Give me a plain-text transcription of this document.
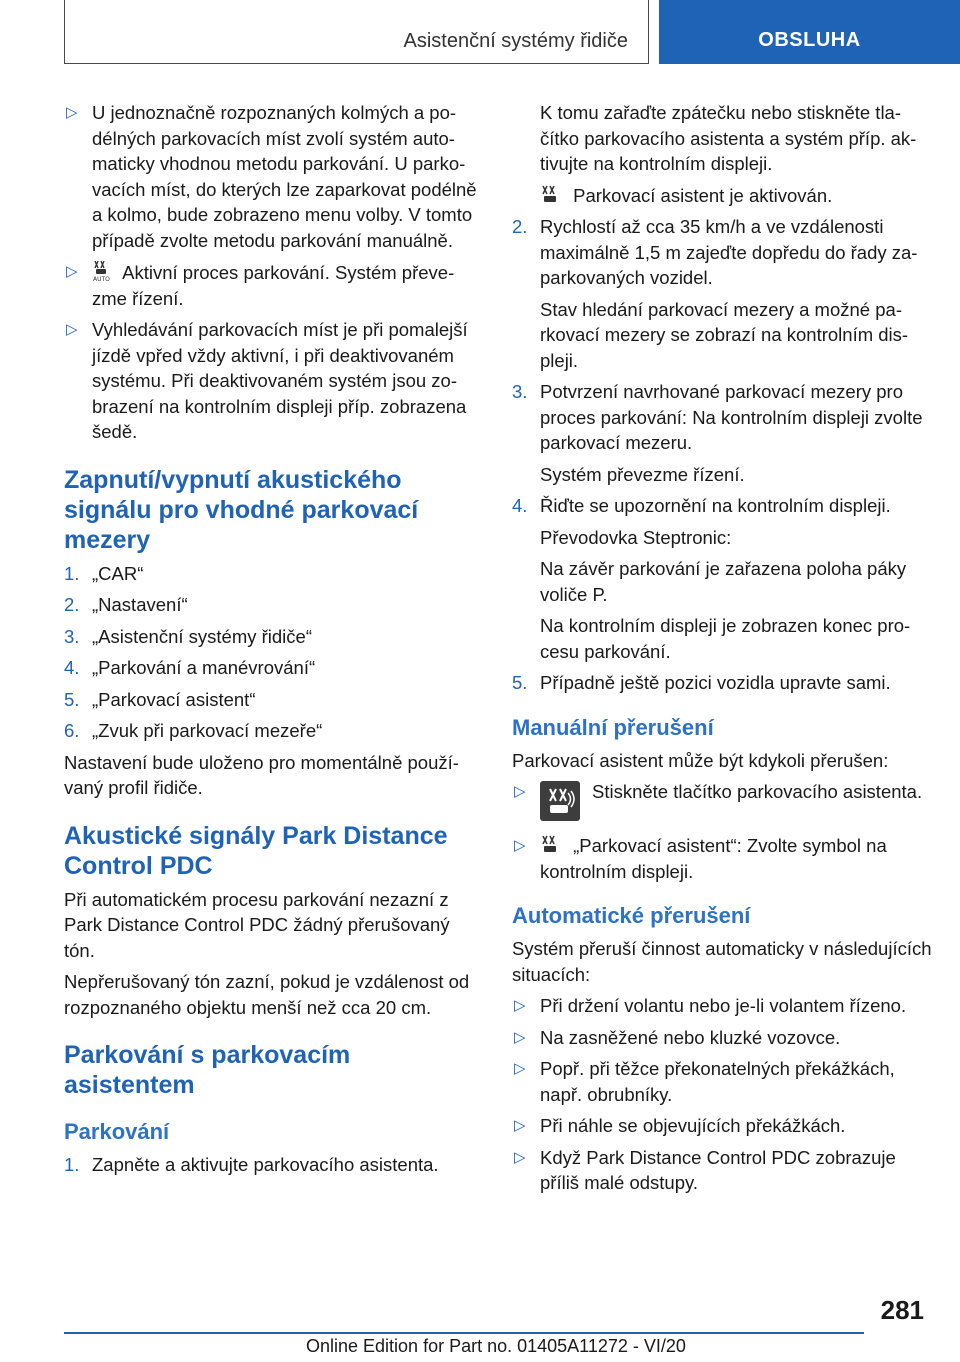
Asistenční systémy řidiče	OBSLUHA
▷ U jednoznačně rozpoznaných kolmých a podélných parkovacích míst zvolí systém automaticky vhodnou metodu parkování. U parkovacích míst, do kterých lze zaparkovat podélně a kolmo, bude zobrazeno menu volby. V tomto případě zvolte metodu parkování manuálně.
▷	AUTO Aktivní proces parkování. Systém převezme řízení.
▷ Vyhledávání parkovacích míst je při pomalejší jízdě vpřed vždy aktivní, i při deaktivovaném systému. Při deaktivovaném systém jsou zobrazení na kontrolním displeji příp. zobrazena šedě.
Zapnutí/vypnutí akustického signálu pro vhodné parkovací mezery
1. „CAR“
2. „Nastavení“
3. „Asistenční systémy řidiče“
4. „Parkování a manévrování“
5. „Parkovací asistent“
6. „Zvuk při parkovací mezeře“

Nastavení bude uloženo pro momentálně používaný profil řidiče.

Akustické signály Park Distance Control PDC

Při automatickém procesu parkování nezazní z Park Distance Control PDC žádný přerušovaný tón.

Nepřerušovaný tón zazní, pokud je vzdálenost od rozpoznaného objektu menší než cca 20 cm.

Parkování s parkovacím asistentem
Parkování
1. Zapněte a aktivujte parkovacího asistenta.
K tomu zařaďte zpátečku nebo stiskněte tlačítko parkovacího asistenta a systém příp. aktivujte na kontrolním displeji.
Parkovací asistent je aktivován.
2. Rychlostí až cca 35 km/h a ve vzdálenosti maximálně 1,5 m zajeďte dopředu do řady zaparkovaných vozidel.
Stav hledání parkovací mezery a možné parkovací mezery se zobrazí na kontrolním displeji.
3. Potvrzení navrhované parkovací mezery pro proces parkování: Na kontrolním displeji zvolte parkovací mezeru.
Systém převezme řízení.
4. Řiďte se upozornění na kontrolním displeji.
Převodovka Steptronic:
Na závěr parkování je zařazena poloha páky voliče P.
Na kontrolním displeji je zobrazen konec procesu parkování.
5. Případně ještě pozici vozidla upravte sami.
Manuální přerušení

Parkovací asistent může být kdykoli přerušen:

▷	Stiskněte tlačítko parkovacího asistenta.
▷	„Parkovací asistent“: Zvolte symbol na kontrolním displeji.
Automatické přerušení

Systém přeruší činnost automaticky v následujících situacích:

▷ Při držení volantu nebo je-li volantem řízeno.
▷ Na zasněžené nebo kluzké vozovce.
▷ Popř. při těžce překonatelných překážkách, např. obrubníky.
▷ Při náhle se objevujících překážkách.
▷ Když Park Distance Control PDC zobrazuje příliš malé odstupy.
281
Online Edition for Part no. 01405A11272 - VI/20
